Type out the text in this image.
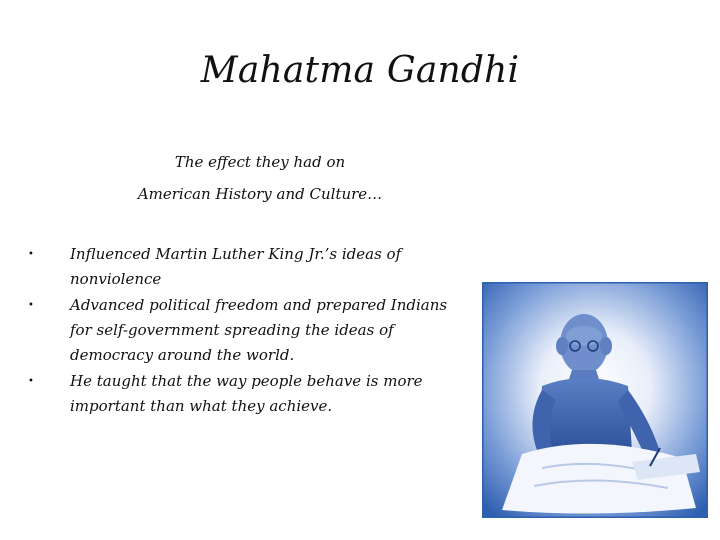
Mahatma Gandhi
The effect they had on
American History and Culture…
• Influenced Martin Luther King Jr.’s ideas of nonviolence
• Advanced political freedom and prepared Indians for self-government spreading the ideas of democracy around the world.
• He taught that the way people behave is more important than what they achieve.
